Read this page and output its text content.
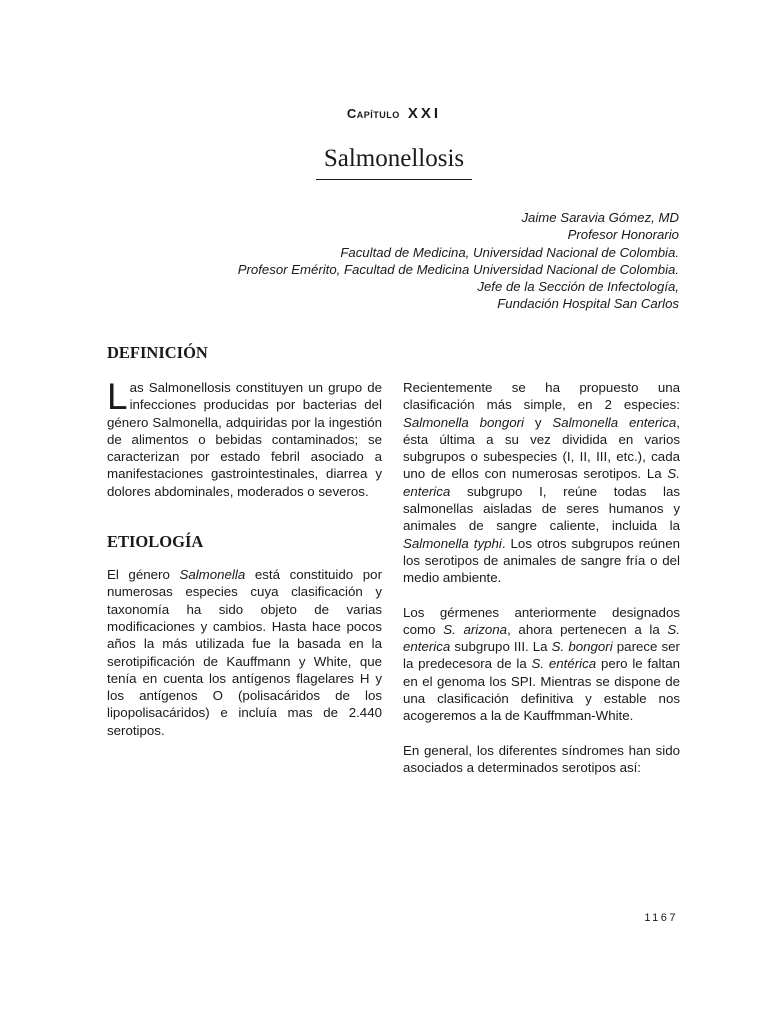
Capítulo XXI
Salmonellosis
Jaime Saravia Gómez, MD
Profesor Honorario
Facultad de Medicina, Universidad Nacional de Colombia.
Profesor Emérito, Facultad de Medicina Universidad Nacional de Colombia.
Jefe de la Sección de Infectología,
Fundación Hospital San Carlos
DEFINICIÓN

Las Salmonellosis constituyen un grupo de infecciones producidas por bacterias del género Salmonella, adquiridas por la ingestión de alimentos o bebidas contaminados; se caracterizan por estado febril asociado a manifestaciones gastrointestinales, diarrea y dolores abdominales, moderados o severos.

ETIOLOGÍA

El género Salmonella está constituido por numerosas especies cuya clasificación y taxonomía ha sido objeto de varias modificaciones y cambios. Hasta hace pocos años la más utilizada fue la basada en la serotipificación de Kauffmann y White, que tenía en cuenta los antígenos flagelares H y los antígenos O (polisacáridos de los lipopolisacáridos) e incluía mas de 2.440 serotipos.

Recientemente se ha propuesto una clasificación más simple, en 2 especies: Salmonella bongori y Salmonella enterica, ésta última a su vez dividida en varios subgrupos o subespecies (I, II, III, etc.), cada uno de ellos con numerosas serotipos. La S. enterica subgrupo I, reúne todas las salmonellas aisladas de seres humanos y animales de sangre caliente, incluida la Salmonella typhi. Los otros subgrupos reúnen los serotipos de animales de sangre fría o del medio ambiente.

Los gérmenes anteriormente designados como S. arizona, ahora pertenecen a la S. enterica subgrupo III. La S. bongori parece ser la predecesora de la S. entérica pero le faltan en el genoma los SPI. Mientras se dispone de una clasificación definitiva y estable nos acogeremos a la de Kauffmman-White.

En general, los diferentes síndromes han sido asociados a determinados serotipos así:

1167
